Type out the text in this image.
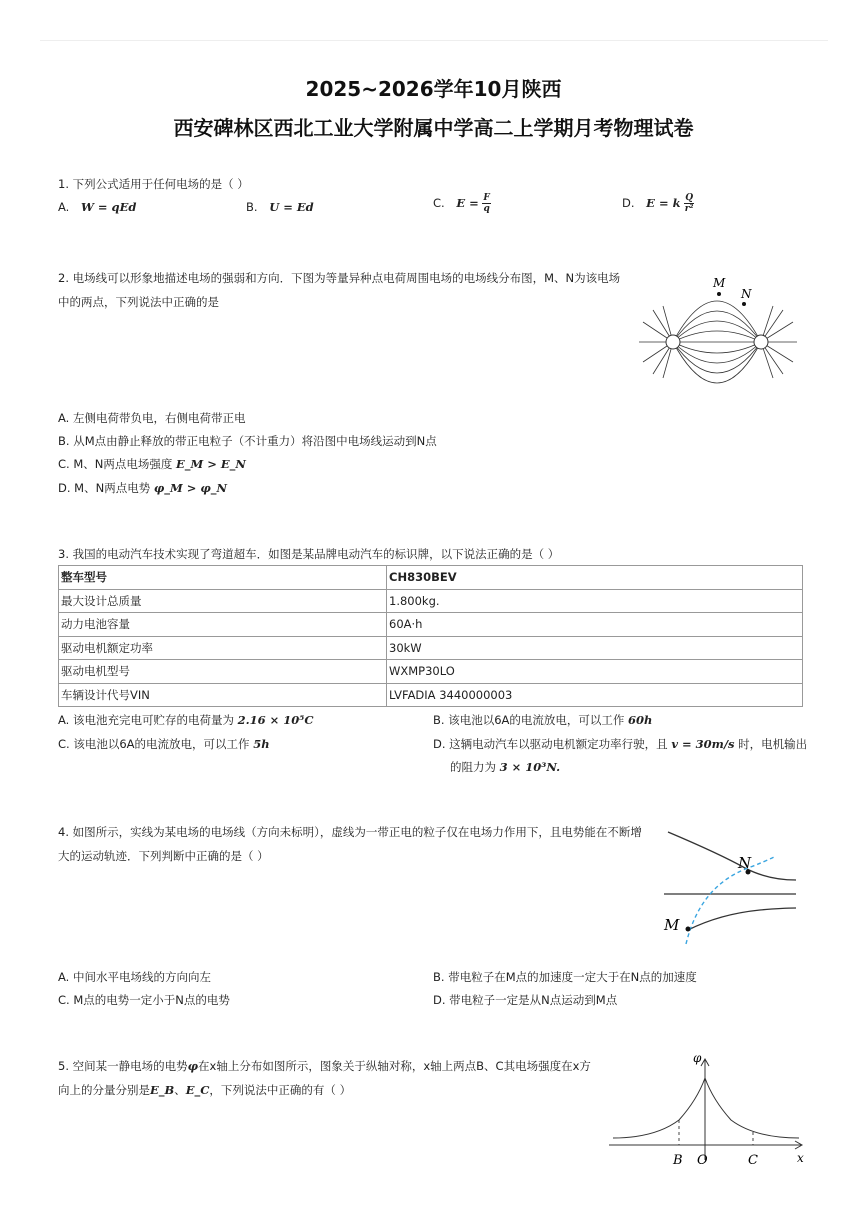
2025~2026学年10月陕西
西安碑林区西北工业大学附属中学高二上学期月考物理试卷
1. 下列公式适用于任何电场的是（ ）
A. W = qEd	B. U = Ed	C. $E = \frac{F}{q}$	D. E = k $\frac{Q}{\text{r²}}$
2. 电场线可以形象地描述电场的强弱和方向．下图为等量异种点电荷周围电场的电场线分布图，M、N为该电场
中的两点，下列说法中正确的是
M
N
A. 左侧电荷带负电，右侧电荷带正电
B. 从M点由静止释放的带正电粒子（不计重力）将沿图中电场线运动到N点
C. M、N两点电场强度 E_M > E_N
D. M、N两点电势 φ_M > φ_N
3. 我国的电动汽车技术实现了弯道超车．如图是某品牌电动汽车的标识牌，以下说法正确的是（ ）
整车型号	CH830BEV
最大设计总质量	1.800kg.
动力电池容量	60A·h
驱动电机额定功率	30kW
驱动电机型号	WXMP30LO
车辆设计代号VIN	LVFADIA 3440000003
A. 该电池充完电可贮存的电荷量为 2.16 × 10⁵C	B. 该电池以6A的电流放电，可以工作 60h
C. 该电池以6A的电流放电，可以工作 5h	D. 这辆电动汽车以驱动电机额定功率行驶，且 v = 30m/s 时，电机输出
的阻力为 3 × 10³N.
4. 如图所示，实线为某电场的电场线（方向未标明），虚线为一带正电的粒子仅在电场力作用下，且电势能在不断增
大的运动轨迹．下列判断中正确的是（ ）	N
M
A. 中间水平电场线的方向向左	B. 带电粒子在M点的加速度一定大于在N点的加速度
C. M点的电势一定小于N点的电势	D. 带电粒子一定是从N点运动到M点
5. 空间某一静电场的电势φ在x轴上分布如图所示，图象关于纵轴对称，x轴上两点B、C其电场强度在x方
向上的分量分别是E_B、E_C，下列说法中正确的有（ ）
φ
B O	C	x
